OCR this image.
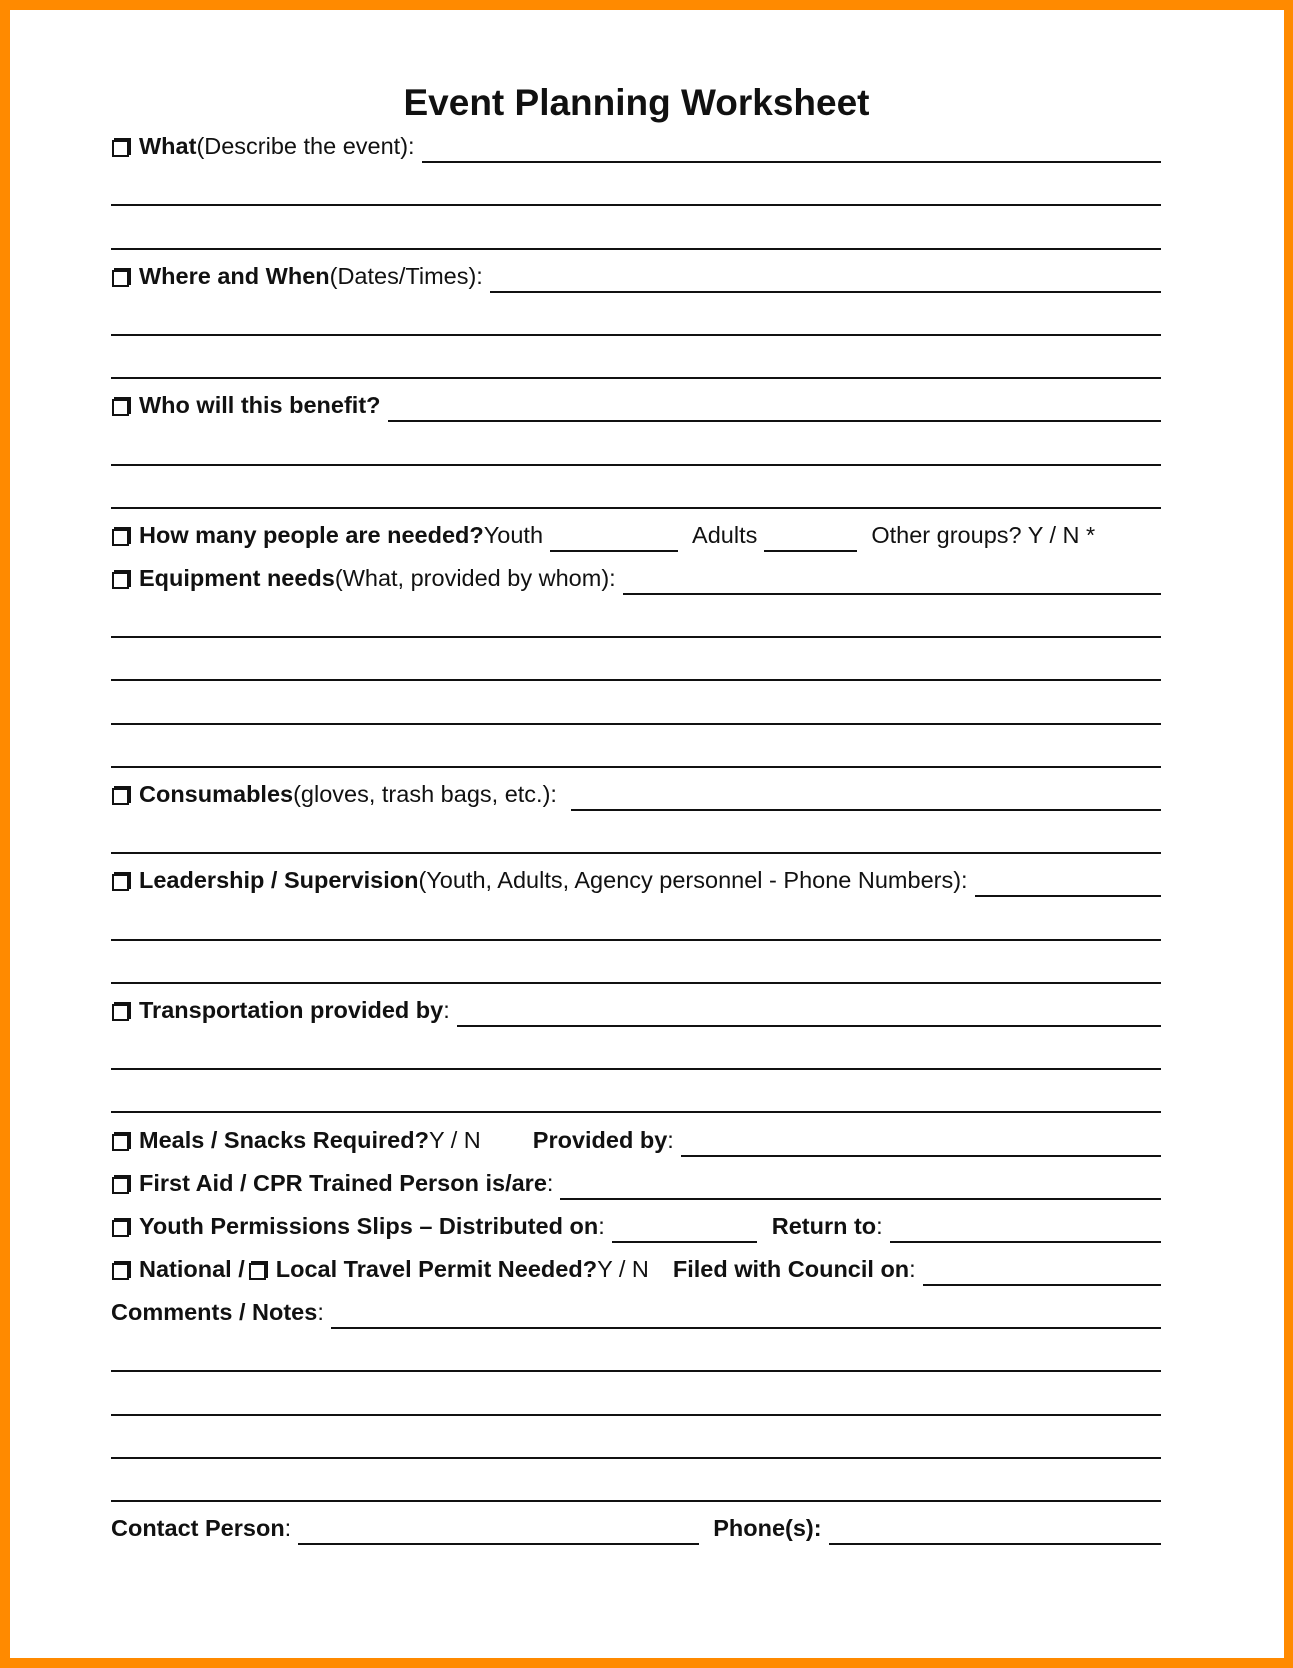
Event Planning Worksheet
What (Describe the event):
Where and When (Dates/Times):
Who will this benefit?
How many people are needed? Youth	Adults	Other groups? Y / N *
Equipment needs (What, provided by whom):
Consumables (gloves, trash bags, etc.):
Leadership / Supervision (Youth, Adults, Agency personnel - Phone Numbers):
Transportation provided by :
Meals / Snacks Required? Y / N Provided by :
First Aid / CPR Trained Person is/are :
Youth Permissions Slips – Distributed on :	Return to :
National / Local Travel Permit Needed? Y / N Filed with Council on :
Comments / Notes :
Contact Person :	Phone(s):
